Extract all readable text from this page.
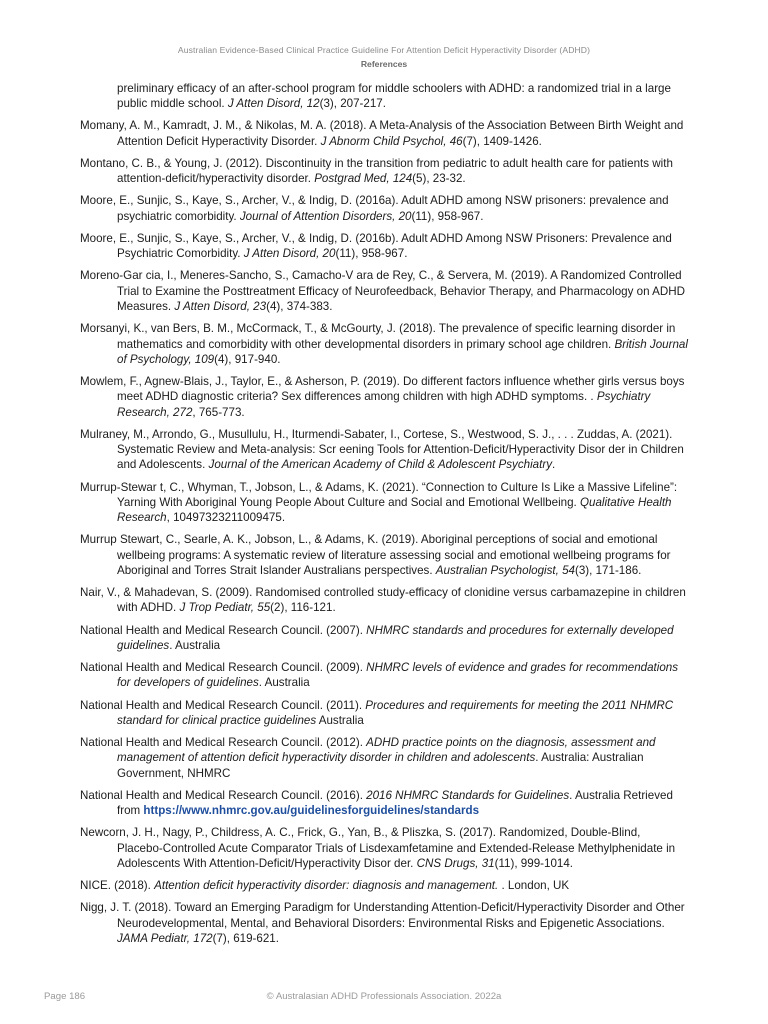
Australian Evidence-Based Clinical Practice Guideline For Attention Deficit Hyperactivity Disorder (ADHD)
References
preliminary efficacy of an after-school program for middle schoolers with ADHD: a randomized trial in a large public middle school. J Atten Disord, 12(3), 207-217.
Momany, A. M., Kamradt, J. M., & Nikolas, M. A. (2018). A Meta-Analysis of the Association Between Birth Weight and Attention Deficit Hyperactivity Disorder. J Abnorm Child Psychol, 46(7), 1409-1426.
Montano, C. B., & Young, J. (2012). Discontinuity in the transition from pediatric to adult health care for patients with attention-deficit/hyperactivity disorder. Postgrad Med, 124(5), 23-32.
Moore, E., Sunjic, S., Kaye, S., Archer, V., & Indig, D. (2016a). Adult ADHD among NSW prisoners: prevalence and psychiatric comorbidity. Journal of Attention Disorders, 20(11), 958-967.
Moore, E., Sunjic, S., Kaye, S., Archer, V., & Indig, D. (2016b). Adult ADHD Among NSW Prisoners: Prevalence and Psychiatric Comorbidity. J Atten Disord, 20(11), 958-967.
Moreno-Gar cia, I., Meneres-Sancho, S., Camacho-V ara de Rey, C., & Servera, M. (2019). A Randomized Controlled Trial to Examine the Posttreatment Efficacy of Neurofeedback, Behavior Therapy, and Pharmacology on ADHD Measures. J Atten Disord, 23(4), 374-383.
Morsanyi, K., van Bers, B. M., McCormack, T., & McGourty, J. (2018). The prevalence of specific learning disorder in mathematics and comorbidity with other developmental disorders in primary school age children. British Journal of Psychology, 109(4), 917-940.
Mowlem, F., Agnew-Blais, J., Taylor, E., & Asherson, P. (2019). Do different factors influence whether girls versus boys meet ADHD diagnostic criteria? Sex differences among children with high ADHD symptoms. . Psychiatry Research, 272, 765-773.
Mulraney, M., Arrondo, G., Musullulu, H., Iturmendi-Sabater, I., Cortese, S., Westwood, S. J., . . . Zuddas, A. (2021). Systematic Review and Meta-analysis: Scr eening Tools for Attention-Deficit/Hyperactivity Disor der in Children and Adolescents. Journal of the American Academy of Child & Adolescent Psychiatry.
Murrup-Stewar t, C., Whyman, T., Jobson, L., & Adams, K. (2021). “Connection to Culture Is Like a Massive Lifeline”: Yarning With Aboriginal Young People About Culture and Social and Emotional Wellbeing. Qualitative Health Research, 10497323211009475.
Murrup Stewart, C., Searle, A. K., Jobson, L., & Adams, K. (2019). Aboriginal perceptions of social and emotional wellbeing programs: A systematic review of literature assessing social and emotional wellbeing programs for Aboriginal and Torres Strait Islander Australians perspectives. Australian Psychologist, 54(3), 171-186.
Nair, V., & Mahadevan, S. (2009). Randomised controlled study-efficacy of clonidine versus carbamazepine in children with ADHD. J Trop Pediatr, 55(2), 116-121.
National Health and Medical Research Council. (2007). NHMRC standards and procedures for externally developed guidelines. Australia
National Health and Medical Research Council. (2009). NHMRC levels of evidence and grades for recommendations for developers of guidelines. Australia
National Health and Medical Research Council. (2011). Procedures and requirements for meeting the 2011 NHMRC standard for clinical practice guidelines Australia
National Health and Medical Research Council. (2012). ADHD practice points on the diagnosis, assessment and management of attention deficit hyperactivity disorder in children and adolescents. Australia: Australian Government, NHMRC
National Health and Medical Research Council. (2016). 2016 NHMRC Standards for Guidelines. Australia Retrieved from https://www.nhmrc.gov.au/guidelinesforguidelines/standards
Newcorn, J. H., Nagy, P., Childress, A. C., Frick, G., Yan, B., & Pliszka, S. (2017). Randomized, Double-Blind, Placebo-Controlled Acute Comparator Trials of Lisdexamfetamine and Extended-Release Methylphenidate in Adolescents With Attention-Deficit/Hyperactivity Disor der. CNS Drugs, 31(11), 999-1014.
NICE. (2018). Attention deficit hyperactivity disorder: diagnosis and management. . London, UK
Nigg, J. T. (2018). Toward an Emerging Paradigm for Understanding Attention-Deficit/Hyperactivity Disorder and Other Neurodevelopmental, Mental, and Behavioral Disorders: Environmental Risks and Epigenetic Associations. JAMA Pediatr, 172(7), 619-621.
Page 186	© Australasian ADHD Professionals Association. 2022a
